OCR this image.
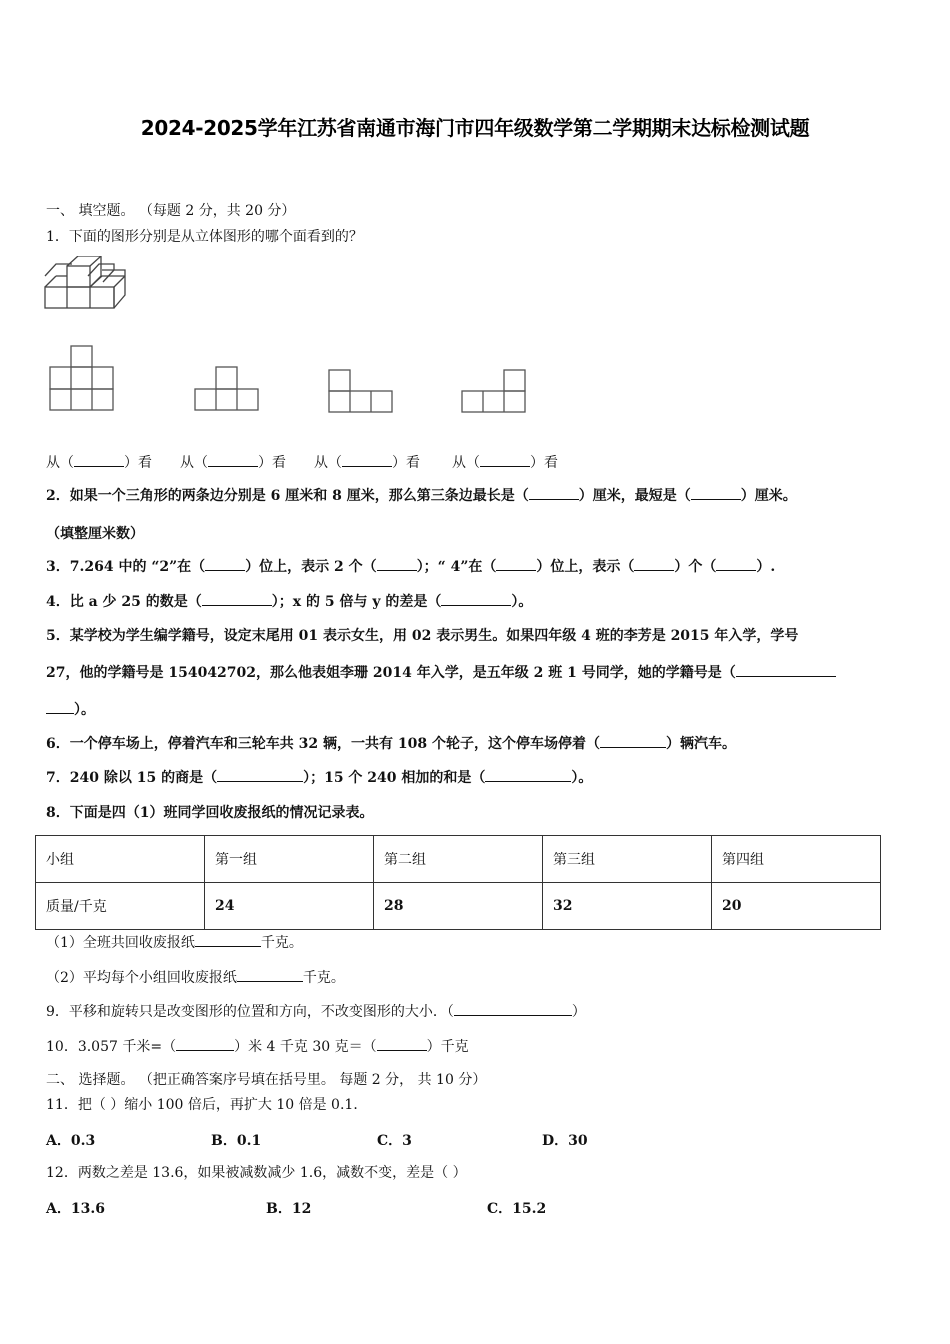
2024-2025学年江苏省南通市海门市四年级数学第二学期期末达标检测试题
一、 填空题。 （每题 2 分，共 20 分）
1．下面的图形分别是从立体图形的哪个面看到的？
从（	）看 从（	）看 从（	）看 从（	）看
2．如果一个三角形的两条边分别是 6 厘米和 8 厘米，那么第三条边最长是（	）厘米，最短是（	）厘米。
（填整厘米数）
3．7.264 中的 “2”在（	）位上，表示 2 个（	）；“ 4”在（	）位上，表示（	）个（	）.
4．比 a 少 25 的数是（	）；x 的 5 倍与 y 的差是（	）。
5．某学校为学生编学籍号，设定末尾用 01 表示女生，用 02 表示男生。如果四年级 4 班的李芳是 2015 年入学，学号
27，他的学籍号是 154042702，那么他表姐李珊 2014 年入学，是五年级 2 班 1 号同学，她的学籍号是（
）。
6．一个停车场上，停着汽车和三轮车共 32 辆，一共有 108 个轮子，这个停车场停着（	）辆汽车。
7．240 除以 15 的商是（	）；15 个 240 相加的和是（	）。
8．下面是四（1）班同学回收废报纸的情况记录表。
小组	第一组	第二组	第三组	第四组
质量/千克	24	28	32	20
（1）全班共回收废报纸	千克。
（2）平均每个小组回收废报纸	千克。
9．平移和旋转只是改变图形的位置和方向，不改变图形的大小．（	）
10．3.057 千米=（	）米 4 千克 30 克＝（	）千克
二、 选择题。 （把正确答案序号填在括号里。 每题 2 分， 共 10 分）
11．把（ ）缩小 100 倍后，再扩大 10 倍是 0.1．
A．0.3	B．0.1	C．3	D．30
12．两数之差是 13.6，如果被减数减少 1.6，减数不变，差是（ ）
A．13.6	B．12	C．15.2
